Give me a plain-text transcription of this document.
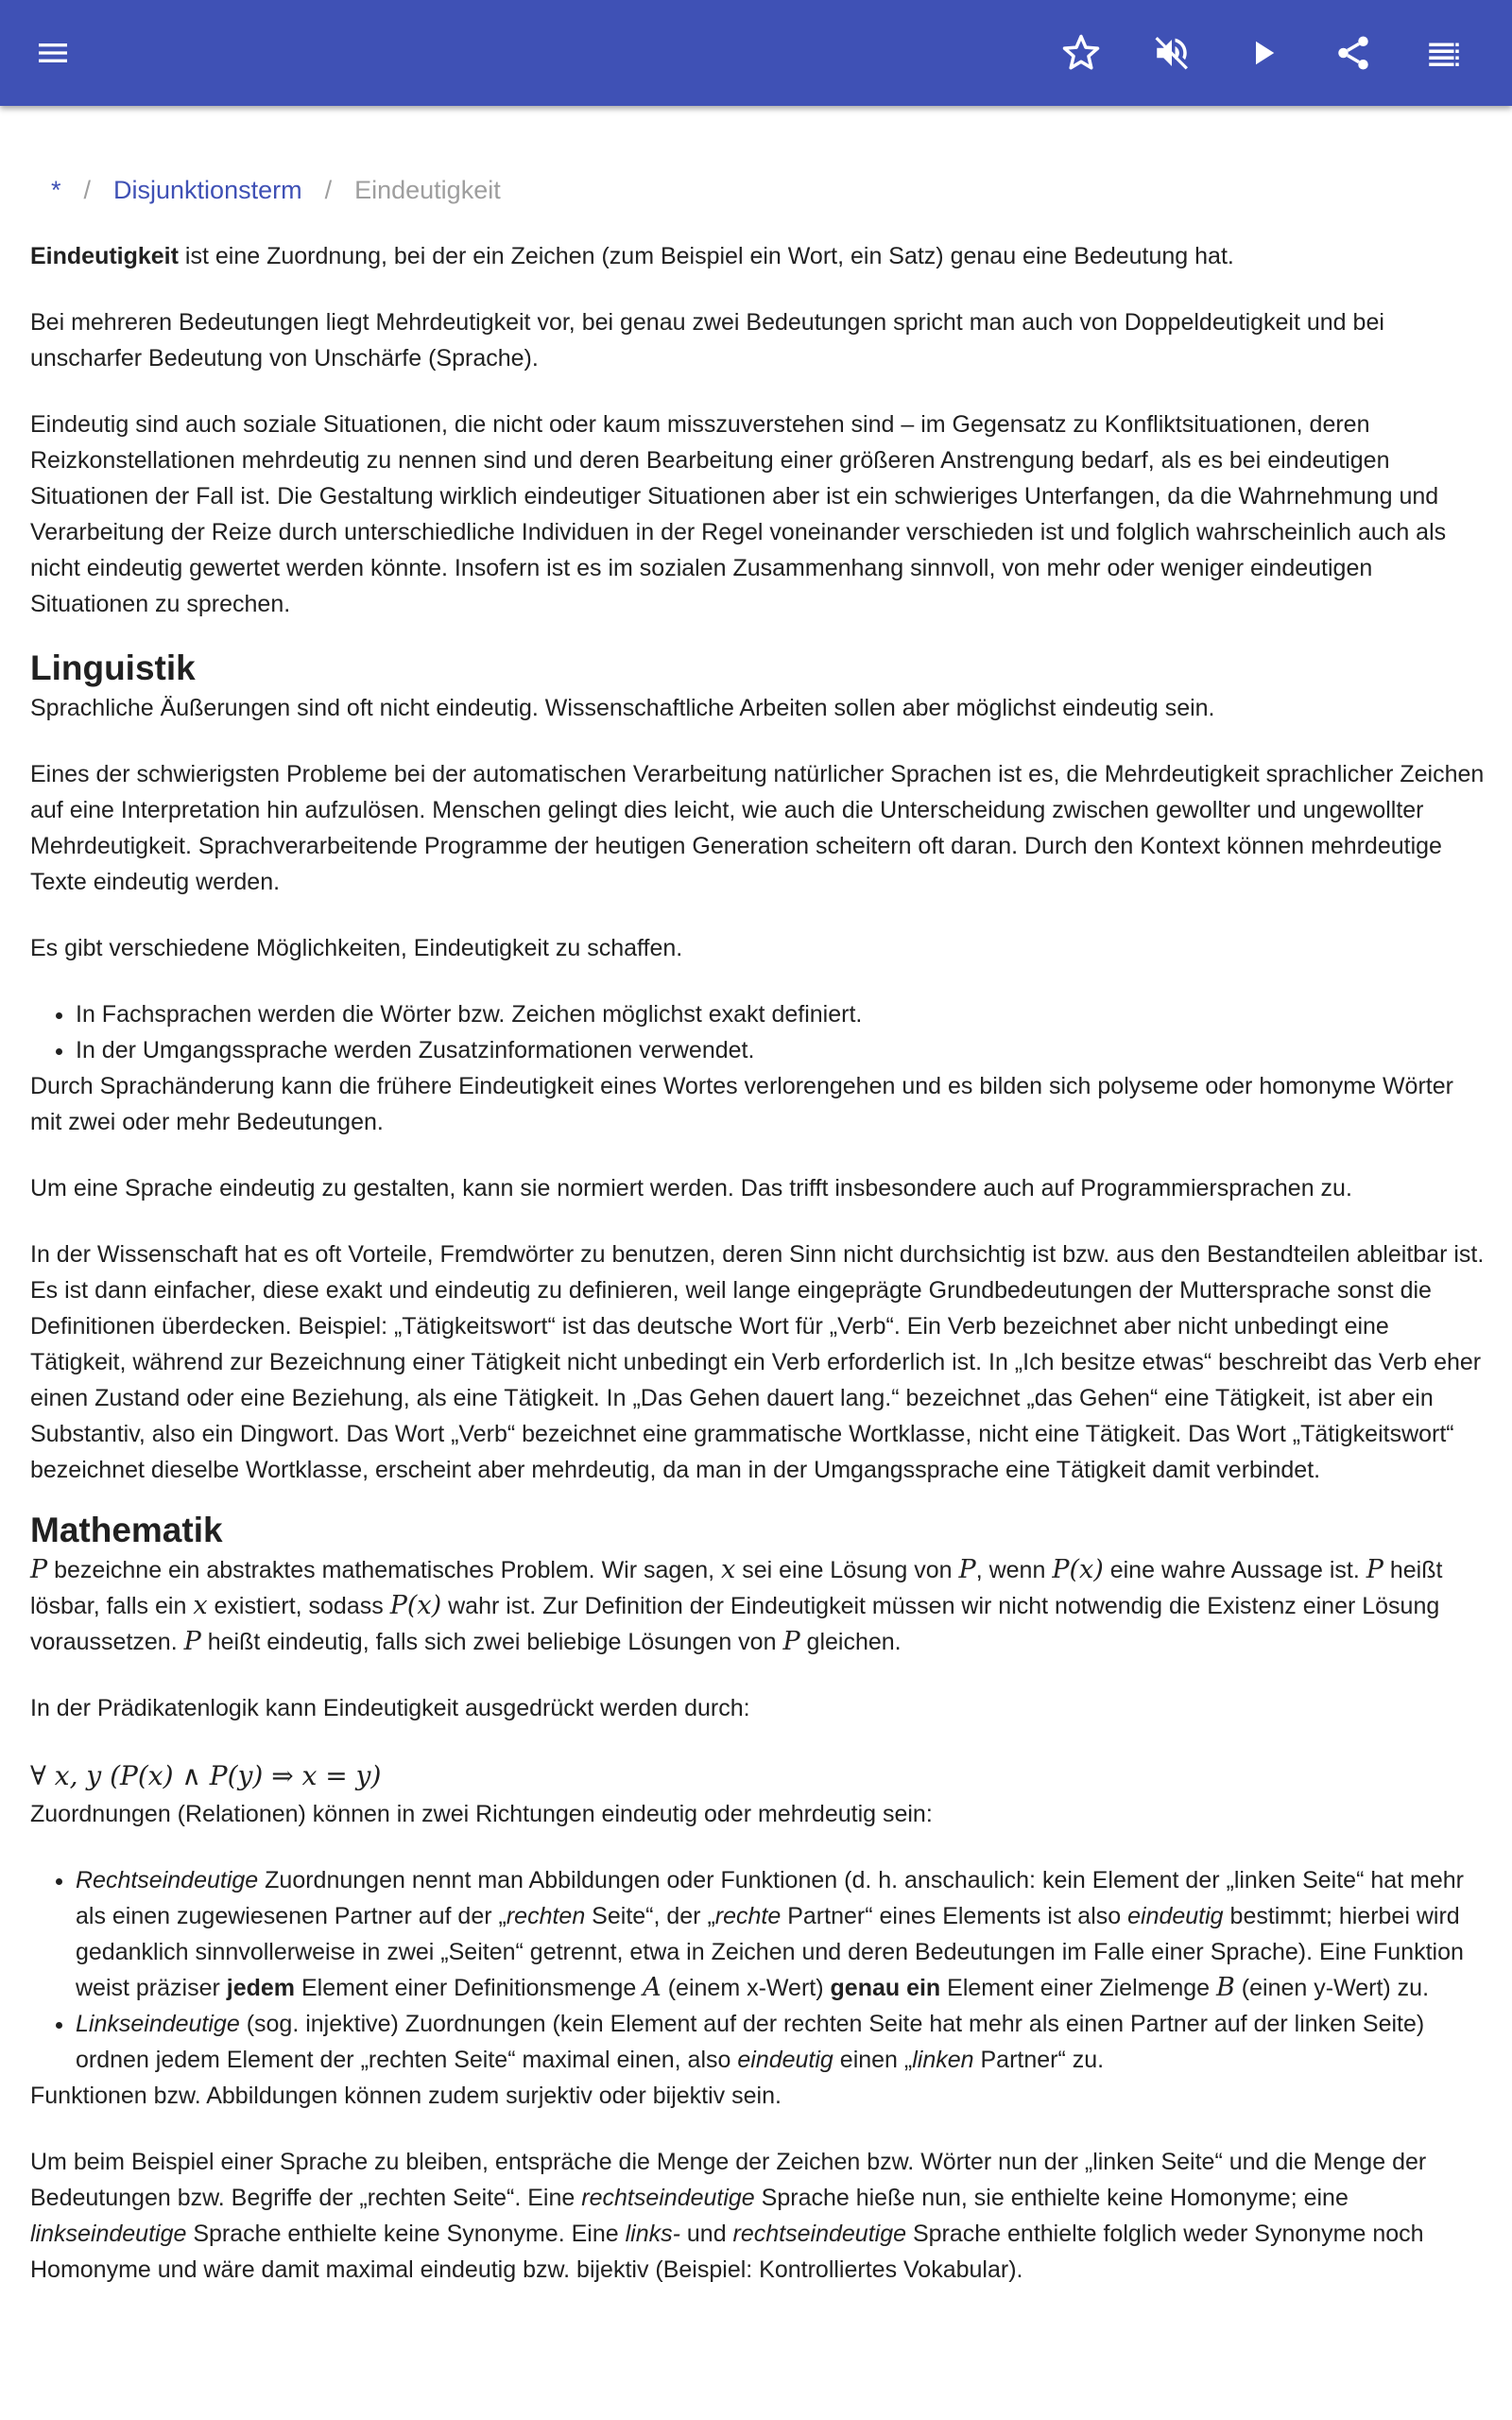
* / Disjunktionsterm / Eindeutigkeit

Eindeutigkeit ist eine Zuordnung, bei der ein Zeichen (zum Beispiel ein Wort, ein Satz) genau eine Bedeutung hat.

Bei mehreren Bedeutungen liegt Mehrdeutigkeit vor, bei genau zwei Bedeutungen spricht man auch von Doppeldeutigkeit und bei unscharfer Bedeutung von Unschärfe (Sprache).

Eindeutig sind auch soziale Situationen, die nicht oder kaum misszuverstehen sind – im Gegensatz zu Konfliktsituationen, deren Reizkonstellationen mehrdeutig zu nennen sind und deren Bearbeitung einer größeren Anstrengung bedarf, als es bei eindeutigen Situationen der Fall ist. Die Gestaltung wirklich eindeutiger Situationen aber ist ein schwieriges Unterfangen, da die Wahrnehmung und Verarbeitung der Reize durch unterschiedliche Individuen in der Regel voneinander verschieden ist und folglich wahrscheinlich auch als nicht eindeutig gewertet werden könnte. Insofern ist es im sozialen Zusammenhang sinnvoll, von mehr oder weniger eindeutigen Situationen zu sprechen.

Linguistik

Sprachliche Äußerungen sind oft nicht eindeutig. Wissenschaftliche Arbeiten sollen aber möglichst eindeutig sein.

Eines der schwierigsten Probleme bei der automatischen Verarbeitung natürlicher Sprachen ist es, die Mehrdeutigkeit sprachlicher Zeichen auf eine Interpretation hin aufzulösen. Menschen gelingt dies leicht, wie auch die Unterscheidung zwischen gewollter und ungewollter Mehrdeutigkeit. Sprachverarbeitende Programme der heutigen Generation scheitern oft daran. Durch den Kontext können mehrdeutige Texte eindeutig werden.

Es gibt verschiedene Möglichkeiten, Eindeutigkeit zu schaffen.

• In Fachsprachen werden die Wörter bzw. Zeichen möglichst exakt definiert.
• In der Umgangssprache werden Zusatzinformationen verwendet.

Durch Sprachänderung kann die frühere Eindeutigkeit eines Wortes verlorengehen und es bilden sich polyseme oder homonyme Wörter mit zwei oder mehr Bedeutungen.

Um eine Sprache eindeutig zu gestalten, kann sie normiert werden. Das trifft insbesondere auch auf Programmiersprachen zu.

In der Wissenschaft hat es oft Vorteile, Fremdwörter zu benutzen, deren Sinn nicht durchsichtig ist bzw. aus den Bestandteilen ableitbar ist. Es ist dann einfacher, diese exakt und eindeutig zu definieren, weil lange eingeprägte Grundbedeutungen der Muttersprache sonst die Definitionen überdecken. Beispiel: „Tätigkeitswort“ ist das deutsche Wort für „Verb“. Ein Verb bezeichnet aber nicht unbedingt eine Tätigkeit, während zur Bezeichnung einer Tätigkeit nicht unbedingt ein Verb erforderlich ist. In „Ich besitze etwas“ beschreibt das Verb eher einen Zustand oder eine Beziehung, als eine Tätigkeit. In „Das Gehen dauert lang.“ bezeichnet „das Gehen“ eine Tätigkeit, ist aber ein Substantiv, also ein Dingwort. Das Wort „Verb“ bezeichnet eine grammatische Wortklasse, nicht eine Tätigkeit. Das Wort „Tätigkeitswort“ bezeichnet dieselbe Wortklasse, erscheint aber mehrdeutig, da man in der Umgangssprache eine Tätigkeit damit verbindet.

Mathematik

P bezeichne ein abstraktes mathematisches Problem. Wir sagen, x sei eine Lösung von P, wenn P(x) eine wahre Aussage ist. P heißt lösbar, falls ein x existiert, sodass P(x) wahr ist. Zur Definition der Eindeutigkeit müssen wir nicht notwendig die Existenz einer Lösung voraussetzen. P heißt eindeutig, falls sich zwei beliebige Lösungen von P gleichen.

In der Prädikatenlogik kann Eindeutigkeit ausgedrückt werden durch:

∀ x, y (P(x) ∧ P(y) ⇒ x = y)

Zuordnungen (Relationen) können in zwei Richtungen eindeutig oder mehrdeutig sein:

• Rechtseindeutige Zuordnungen nennt man Abbildungen oder Funktionen (d. h. anschaulich: kein Element der „linken Seite“ hat mehr als einen zugewiesenen Partner auf der „rechten Seite“, der „rechte Partner“ eines Elements ist also eindeutig bestimmt; hierbei wird gedanklich sinnvollerweise in zwei „Seiten“ getrennt, etwa in Zeichen und deren Bedeutungen im Falle einer Sprache). Eine Funktion weist präziser jedem Element einer Definitionsmenge A (einem x-Wert) genau ein Element einer Zielmenge B (einen y-Wert) zu.
• Linkseindeutige (sog. injektive) Zuordnungen (kein Element auf der rechten Seite hat mehr als einen Partner auf der linken Seite) ordnen jedem Element der „rechten Seite“ maximal einen, also eindeutig einen „linken Partner“ zu.

Funktionen bzw. Abbildungen können zudem surjektiv oder bijektiv sein.

Um beim Beispiel einer Sprache zu bleiben, entspräche die Menge der Zeichen bzw. Wörter nun der „linken Seite“ und die Menge der Bedeutungen bzw. Begriffe der „rechten Seite“. Eine rechtseindeutige Sprache hieße nun, sie enthielte keine Homonyme; eine linkseindeutige Sprache enthielte keine Synonyme. Eine links- und rechtseindeutige Sprache enthielte folglich weder Synonyme noch Homonyme und wäre damit maximal eindeutig bzw. bijektiv (Beispiel: Kontrolliertes Vokabular).
